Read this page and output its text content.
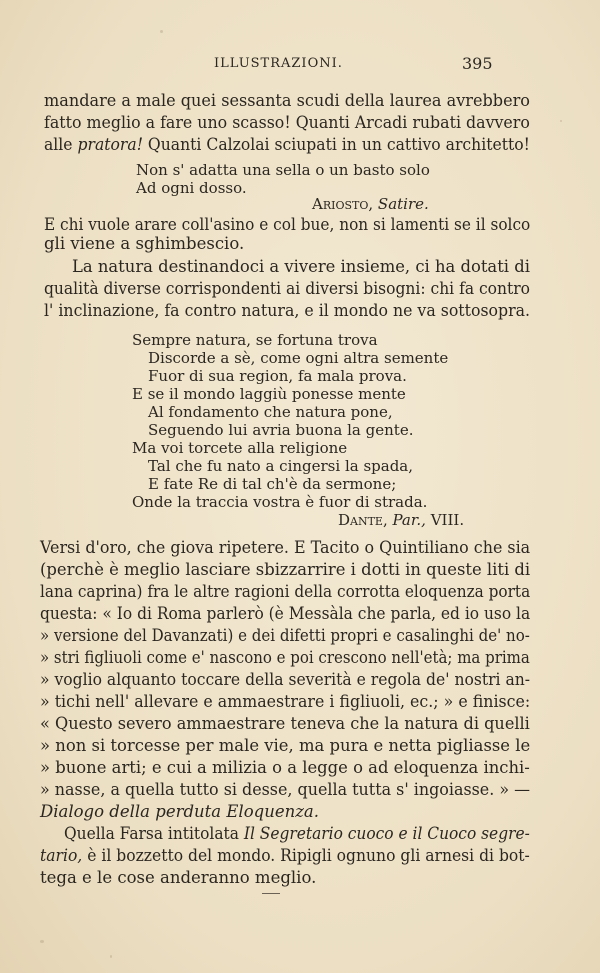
ILLUSTRAZIONI.	395
mandare a male quei sessanta scudi della laurea avrebbero
fatto meglio a fare uno scasso! Quanti Arcadi rubati davvero
alle pratora! Quanti Calzolai sciupati in un cattivo architetto!
Non s' adatta una sella o un basto solo
Ad ogni dosso.
Ariosto, Satire.
E chi vuole arare coll'asino e col bue, non si lamenti se il solco
gli viene a sghimbescio.
La natura destinandoci a vivere insieme, ci ha dotati di
qualità diverse corrispondenti ai diversi bisogni: chi fa contro
l' inclinazione, fa contro natura, e il mondo ne va sottosopra.
Sempre natura, se fortuna trova
Discorde a sè, come ogni altra semente
Fuor di sua region, fa mala prova.
E se il mondo laggiù ponesse mente
Al fondamento che natura pone,
Seguendo lui avria buona la gente.
Ma voi torcete alla religione
Tal che fu nato a cingersi la spada,
E fate Re di tal ch'è da sermone;
Onde la traccia vostra è fuor di strada.
Dante, Par., VIII.
Versi d'oro, che giova ripetere. E Tacito o Quintiliano che sia
(perchè è meglio lasciare sbizzarrire i dotti in queste liti di
lana caprina) fra le altre ragioni della corrotta eloquenza porta
questa: « Io di Roma parlerò (è Messàla che parla, ed io uso la
» versione del Davanzati) e dei difetti propri e casalinghi de' no-
» stri figliuoli come e' nascono e poi crescono nell'età; ma prima
» voglio alquanto toccare della severità e regola de' nostri an-
» tichi nell' allevare e ammaestrare i figliuoli, ec.; » e finisce:
« Questo severo ammaestrare teneva che la natura di quelli
» non si torcesse per male vie, ma pura e netta pigliasse le
» buone arti; e cui a milizia o a legge o ad eloquenza inchi-
» nasse, a quella tutto si desse, quella tutta s' ingoiasse. » —
Dialogo della perduta Eloquenza.
Quella Farsa intitolata Il Segretario cuoco e il Cuoco segre-
tario, è il bozzetto del mondo. Ripigli ognuno gli arnesi di bot-
tega e le cose anderanno meglio.
